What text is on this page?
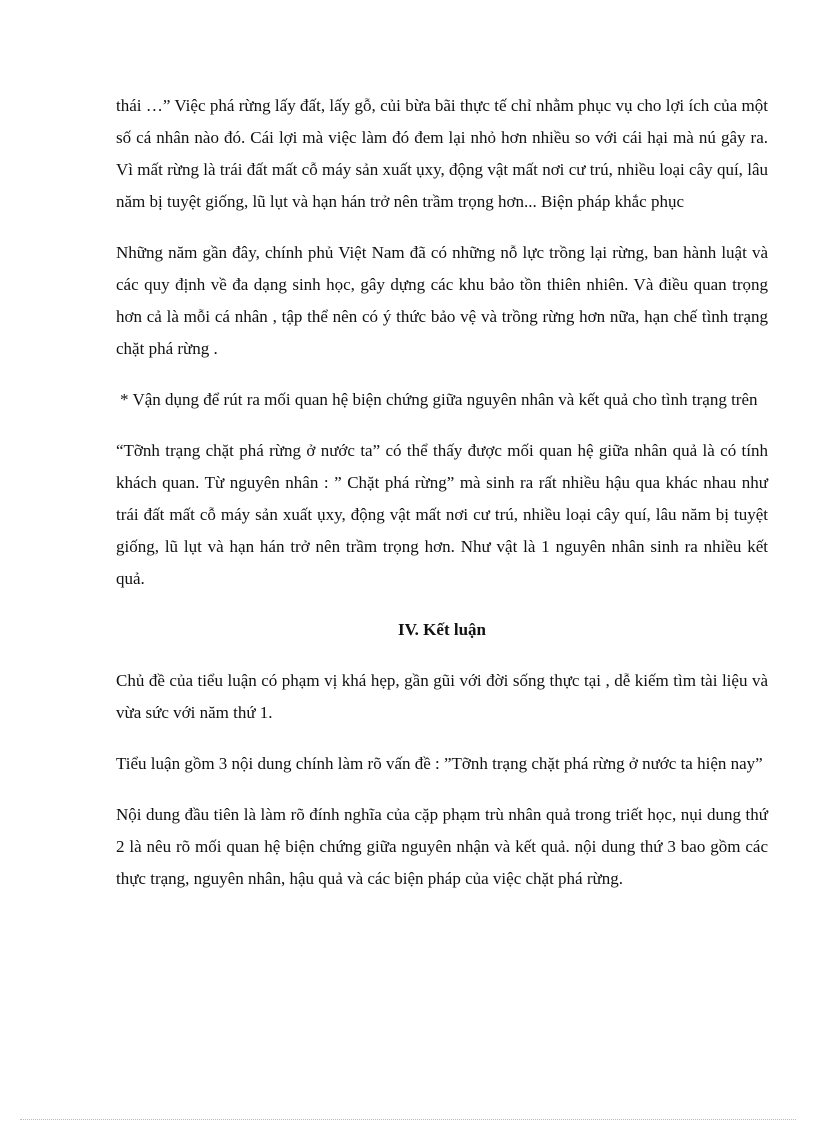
thái …” Việc phá rừng lấy đất, lấy gỗ, củi bừa bãi thực tế chỉ nhằm phục vụ cho lợi ích của một số cá nhân nào đó. Cái lợi mà việc làm đó đem lại nhỏ hơn nhiều so với cái hại mà nú gây ra. Vì mất rừng là trái đất mất cỗ máy sản xuất ụxy, động vật mất nơi cư trú, nhiều loại cây quí, lâu năm bị tuyệt giống, lũ lụt và hạn hán trở nên trầm trọng hơn... Biện pháp khắc phục

Những năm gần đây, chính phủ Việt Nam đã có những nỗ lực trồng lại rừng, ban hành luật và các quy định về đa dạng sinh học, gây dựng các khu bảo tồn thiên nhiên. Và điều quan trọng hơn cả là mỗi cá nhân , tập thể nên có ý thức bảo vệ và trồng rừng hơn nữa, hạn chế tình trạng chặt phá rừng .

* Vận dụng để rút ra mối quan hệ biện chứng giữa nguyên nhân và kết quả cho tình trạng trên

“Tỡnh trạng chặt phá rừng ở nước ta” có thể thấy được mối quan hệ giữa nhân quả là có tính khách quan. Từ nguyên nhân : ” Chặt phá rừng” mà sinh ra rất nhiều hậu qua khác nhau như trái đất mất cỗ máy sản xuất ụxy, động vật mất nơi cư trú, nhiều loại cây quí, lâu năm bị tuyệt giống, lũ lụt và hạn hán trở nên trầm trọng hơn. Như vật là 1 nguyên nhân sinh ra nhiều kết quả.

IV. Kết luận

Chủ đề của tiểu luận có phạm vị khá hẹp, gần gũi với đời sống thực tại , dễ kiếm tìm tài liệu và vừa sức với năm thứ 1.

Tiểu luận gồm 3 nội dung chính làm rõ vấn đề : ”Tỡnh trạng chặt phá rừng ở nước ta hiện nay”

Nội dung đầu tiên là làm rõ đính nghĩa của cặp phạm trù nhân quả trong triết học, nụi dung thứ 2 là nêu rõ mối quan hệ biện chứng giữa nguyên nhận và kết quả. nội dung thứ 3 bao gồm các thực trạng, nguyên nhân, hậu quả và các biện pháp của việc chặt phá rừng.
